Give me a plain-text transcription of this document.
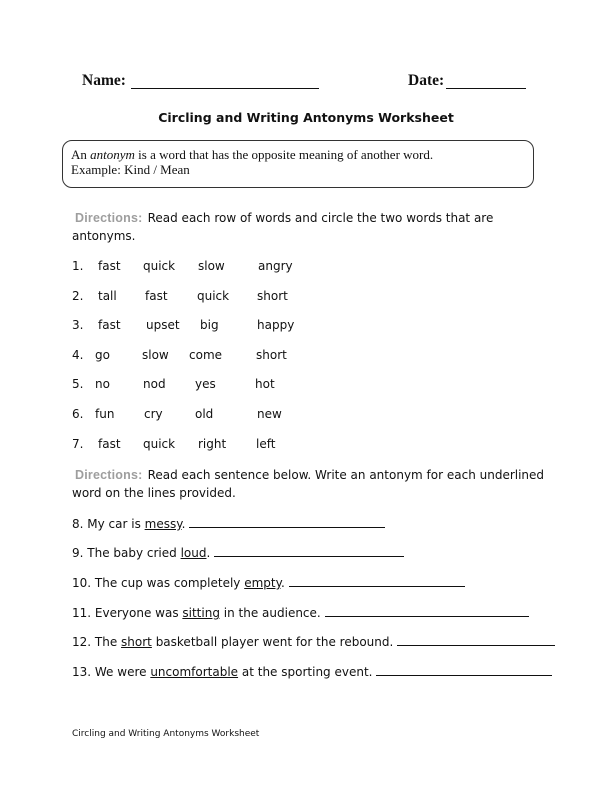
Name:	Date:
Circling and Writing Antonyms Worksheet
An antonym is a word that has the opposite meaning of another word.
Example: Kind / Mean
Directions: Read each row of words and circle the two words that are
antonyms.
1. fast quick slow	angry
2. tall fast quick short
3. fast upset big	happy
4. go	slow come	short
5. no	nod yes	hot
6. fun cry	old	new
7. fast quick right left
Directions: Read each sentence below. Write an antonym for each underlined
word on the lines provided.
8. My car is messy.
9. The baby cried loud.
10. The cup was completely empty.
11. Everyone was sitting in the audience.
12. The short basketball player went for the rebound.
13. We were uncomfortable at the sporting event.
Circling and Writing Antonyms Worksheet
